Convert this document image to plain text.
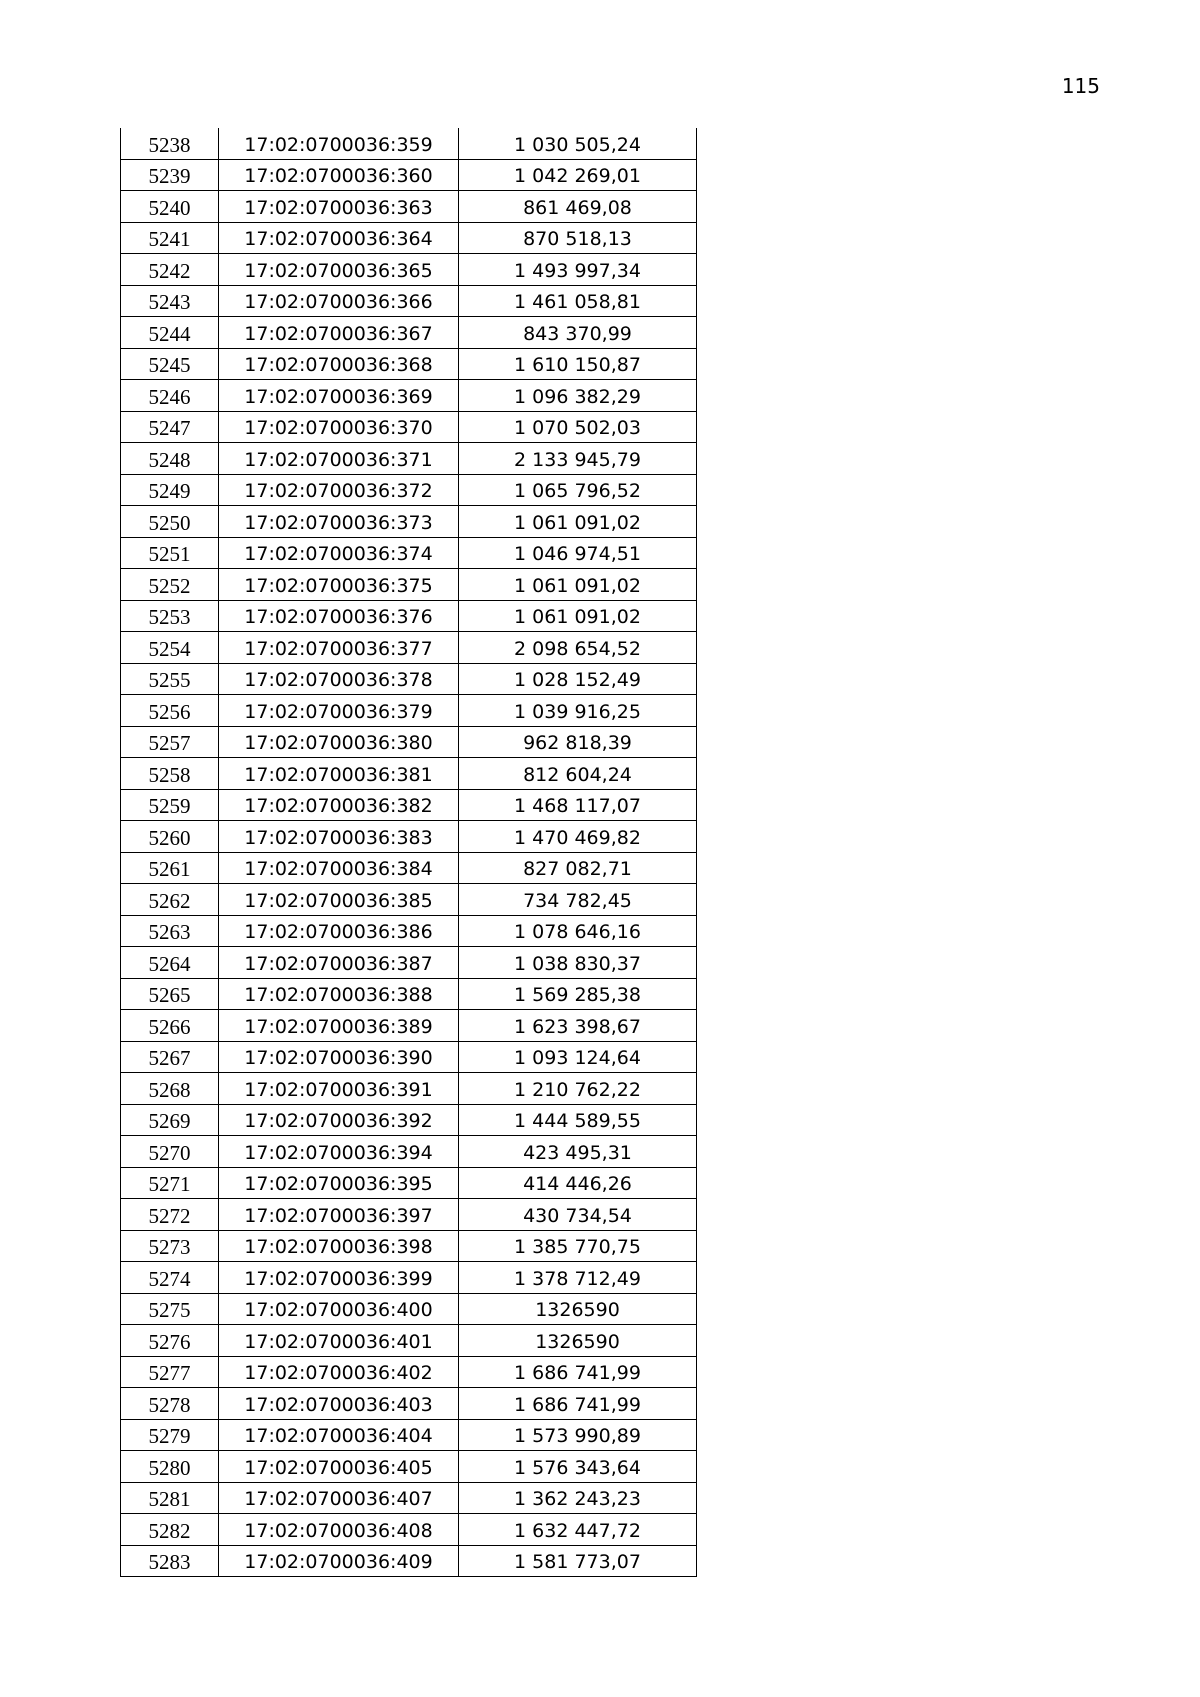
115
5238	17:02:0700036:359	1 030 505,24
5239	17:02:0700036:360	1 042 269,01
5240	17:02:0700036:363	861 469,08
5241	17:02:0700036:364	870 518,13
5242	17:02:0700036:365	1 493 997,34
5243	17:02:0700036:366	1 461 058,81
5244	17:02:0700036:367	843 370,99
5245	17:02:0700036:368	1 610 150,87
5246	17:02:0700036:369	1 096 382,29
5247	17:02:0700036:370	1 070 502,03
5248	17:02:0700036:371	2 133 945,79
5249	17:02:0700036:372	1 065 796,52
5250	17:02:0700036:373	1 061 091,02
5251	17:02:0700036:374	1 046 974,51
5252	17:02:0700036:375	1 061 091,02
5253	17:02:0700036:376	1 061 091,02
5254	17:02:0700036:377	2 098 654,52
5255	17:02:0700036:378	1 028 152,49
5256	17:02:0700036:379	1 039 916,25
5257	17:02:0700036:380	962 818,39
5258	17:02:0700036:381	812 604,24
5259	17:02:0700036:382	1 468 117,07
5260	17:02:0700036:383	1 470 469,82
5261	17:02:0700036:384	827 082,71
5262	17:02:0700036:385	734 782,45
5263	17:02:0700036:386	1 078 646,16
5264	17:02:0700036:387	1 038 830,37
5265	17:02:0700036:388	1 569 285,38
5266	17:02:0700036:389	1 623 398,67
5267	17:02:0700036:390	1 093 124,64
5268	17:02:0700036:391	1 210 762,22
5269	17:02:0700036:392	1 444 589,55
5270	17:02:0700036:394	423 495,31
5271	17:02:0700036:395	414 446,26
5272	17:02:0700036:397	430 734,54
5273	17:02:0700036:398	1 385 770,75
5274	17:02:0700036:399	1 378 712,49
5275	17:02:0700036:400	1326590
5276	17:02:0700036:401	1326590
5277	17:02:0700036:402	1 686 741,99
5278	17:02:0700036:403	1 686 741,99
5279	17:02:0700036:404	1 573 990,89
5280	17:02:0700036:405	1 576 343,64
5281	17:02:0700036:407	1 362 243,23
5282	17:02:0700036:408	1 632 447,72
5283	17:02:0700036:409	1 581 773,07
